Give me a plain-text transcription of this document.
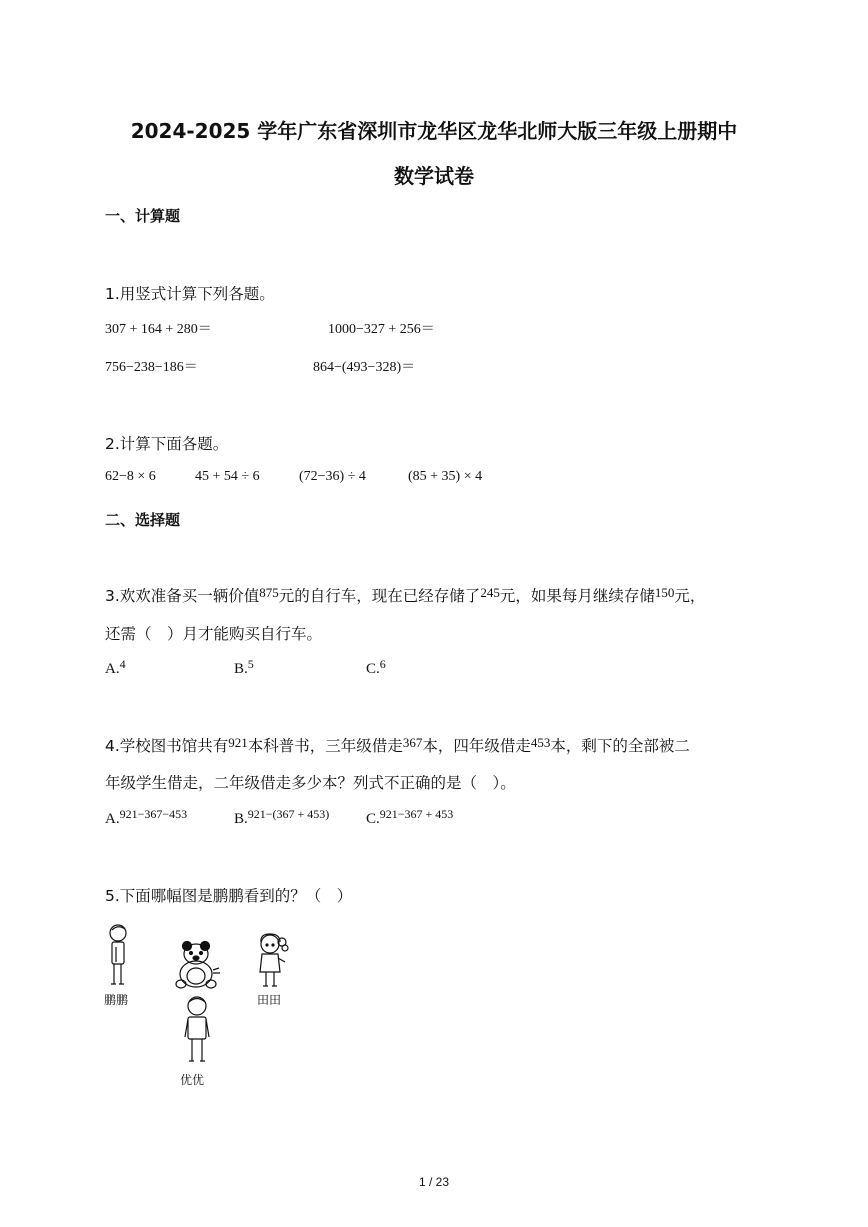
2024-2025 学年广东省深圳市龙华区龙华北师大版三年级上册期中
数学试卷
一、计算题
1.用竖式计算下列各题。
307 + 164 + 280＝	1000−327 + 256＝
756−238−186＝	864−(493−328)＝
2.计算下面各题。
62−8 × 6	45 + 54 ÷ 6	(72−36) ÷ 4	(85 + 35) × 4
二、选择题
3.欢欢准备买一辆价值$^{875}$元的自行车，现在已经存储了$^{245}$元，如果每月继续存储$^{150}$元，
还需（　）月才能购买自行车。
A.$^4$	B.$^5$	C.$^6$
4.学校图书馆共有$^{921}$本科普书，三年级借走$^{367}$本，四年级借走$^{453}$本，剩下的全部被二
年级学生借走，二年级借走多少本？列式不正确的是（　）。
A.$^{921-367-453}$	B.$^{921-(367 + 453)}$ C.$^{921-367 + 453}$
5.下面哪幅图是鹏鹏看到的？（　）
鹏鹏	田田
优优
1 / 23
